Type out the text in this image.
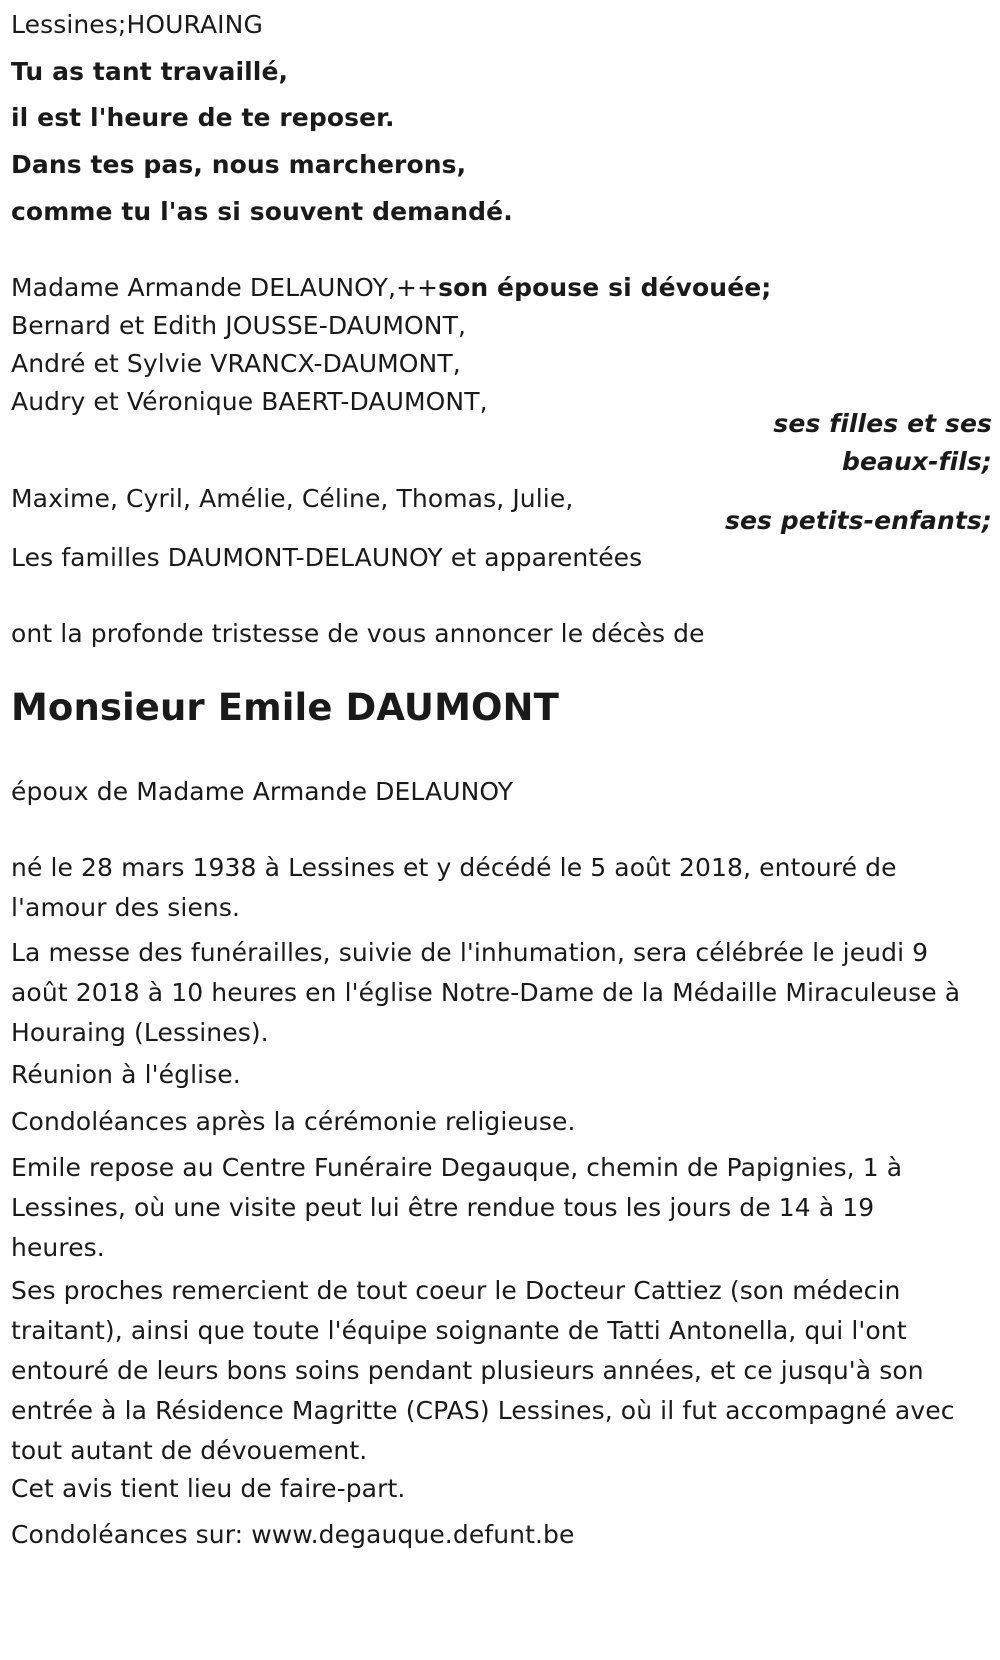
Lessines;HOURAING
Tu as tant travaillé,
il est l'heure de te reposer.
Dans tes pas, nous marcherons,
comme tu l'as si souvent demandé.
Madame Armande DELAUNOY,++son épouse si dévouée;
Bernard et Edith JOUSSE-DAUMONT,
André et Sylvie VRANCX-DAUMONT,
Audry et Véronique BAERT-DAUMONT,
ses filles et ses
beaux-fils;
Maxime, Cyril, Amélie, Céline, Thomas, Julie,
ses petits-enfants;
Les familles DAUMONT-DELAUNOY et apparentées
ont la profonde tristesse de vous annoncer le décès de
Monsieur Emile DAUMONT
époux de Madame Armande DELAUNOY
né le 28 mars 1938 à Lessines et y décédé le 5 août 2018, entouré de l'amour des siens.
La messe des funérailles, suivie de l'inhumation, sera célébrée le jeudi 9 août 2018 à 10 heures en l'église Notre-Dame de la Médaille Miraculeuse à Houraing (Lessines).
Réunion à l'église.
Condoléances après la cérémonie religieuse.
Emile repose au Centre Funéraire Degauque, chemin de Papignies, 1 à Lessines, où une visite peut lui être rendue tous les jours de 14 à 19 heures.
Ses proches remercient de tout coeur le Docteur Cattiez (son médecin traitant), ainsi que toute l'équipe soignante de Tatti Antonella, qui l'ont entouré de leurs bons soins pendant plusieurs années, et ce jusqu'à son entrée à la Résidence Magritte (CPAS) Lessines, où il fut accompagné avec tout autant de dévouement.
Cet avis tient lieu de faire-part.
Condoléances sur: www.degauque.defunt.be
